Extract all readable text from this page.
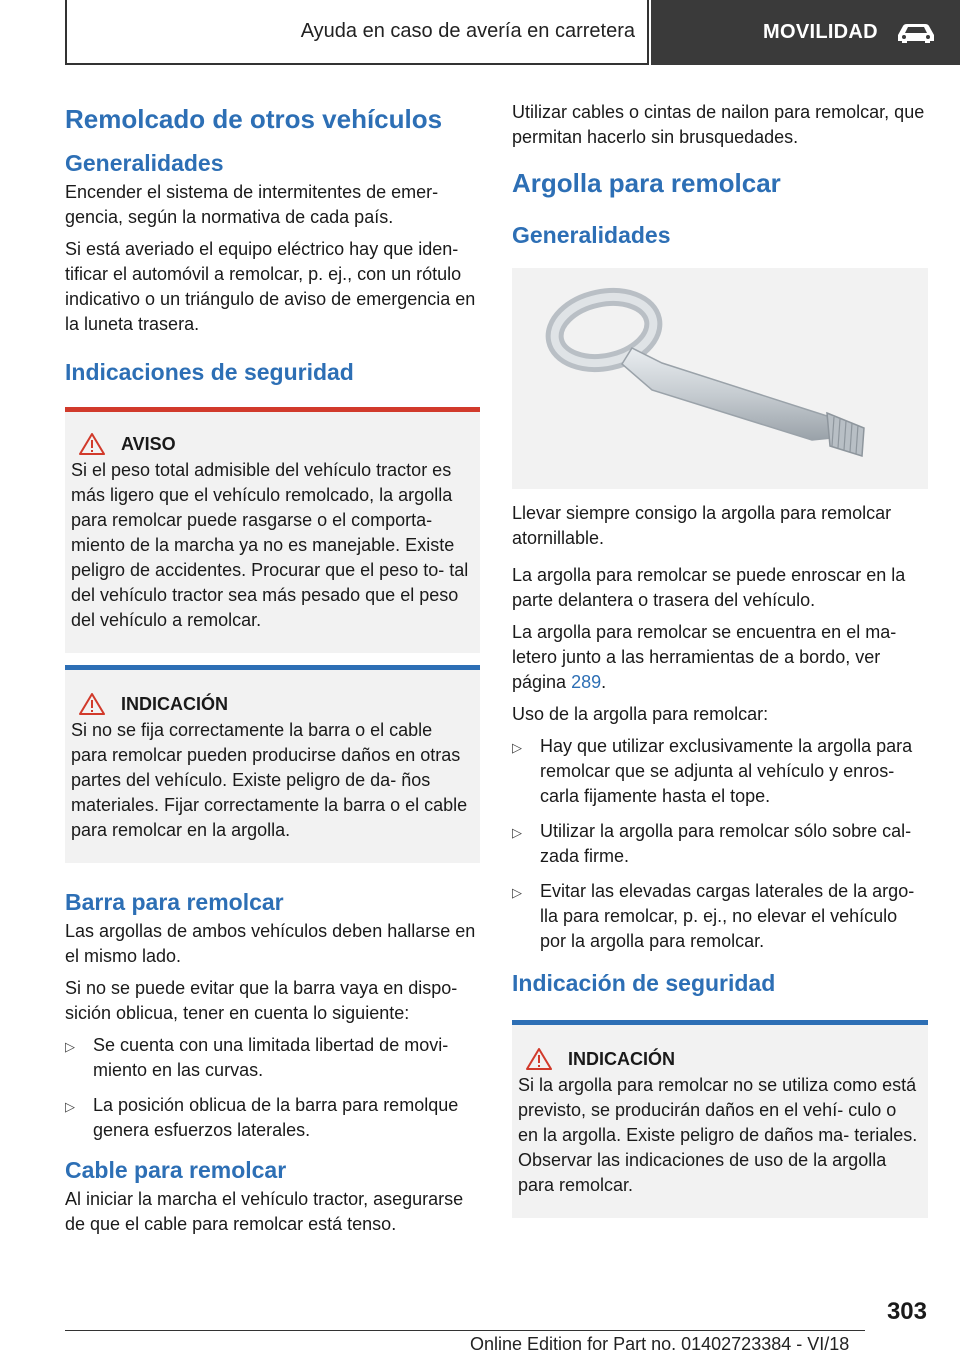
Ayuda en caso de avería en carretera	MOVILIDAD
Remolcado de otros vehículos
Generalidades

Encender el sistema de intermitentes de emer- gencia, según la normativa de cada país.

Si está averiado el equipo eléctrico hay que iden- tificar el automóvil a remolcar, p. ej., con un rótulo indicativo o un triángulo de aviso de emergencia en la luneta trasera.

Indicaciones de seguridad
AVISO

Si el peso total admisible del vehículo tractor es más ligero que el vehículo remolcado, la argolla para remolcar puede rasgarse o el comporta- miento de la marcha ya no es manejable. Existe peligro de accidentes. Procurar que el peso to- tal del vehículo tractor sea más pesado que el peso del vehículo a remolcar.

INDICACIÓN

Si no se fija correctamente la barra o el cable para remolcar pueden producirse daños en otras partes del vehículo. Existe peligro de da- ños materiales. Fijar correctamente la barra o el cable para remolcar en la argolla.

Barra para remolcar

Las argollas de ambos vehículos deben hallarse en el mismo lado.

Si no se puede evitar que la barra vaya en dispo- sición oblicua, tener en cuenta lo siguiente:

▷	Se cuenta con una limitada libertad de movi- miento en las curvas.
▷	La posición oblicua de la barra para remolque genera esfuerzos laterales.
Cable para remolcar

Al iniciar la marcha el vehículo tractor, asegurarse de que el cable para remolcar está tenso.

Utilizar cables o cintas de nailon para remolcar, que permitan hacerlo sin brusquedades.

Argolla para remolcar
Generalidades

Llevar siempre consigo la argolla para remolcar atornillable.

La argolla para remolcar se puede enroscar en la parte delantera o trasera del vehículo.

La argolla para remolcar se encuentra en el ma- letero junto a las herramientas de a bordo, ver página 289.

Uso de la argolla para remolcar:

▷	Hay que utilizar exclusivamente la argolla para remolcar que se adjunta al vehículo y enros- carla fijamente hasta el tope.
▷	Utilizar la argolla para remolcar sólo sobre cal- zada firme.
▷	Evitar las elevadas cargas laterales de la argo- lla para remolcar, p. ej., no elevar el vehículo por la argolla para remolcar.
Indicación de seguridad
INDICACIÓN

Si la argolla para remolcar no se utiliza como está previsto, se producirán daños en el vehí- culo o en la argolla. Existe peligro de daños ma- teriales. Observar las indicaciones de uso de la argolla para remolcar.

303
Online Edition for Part no. 01402723384 - VI/18
